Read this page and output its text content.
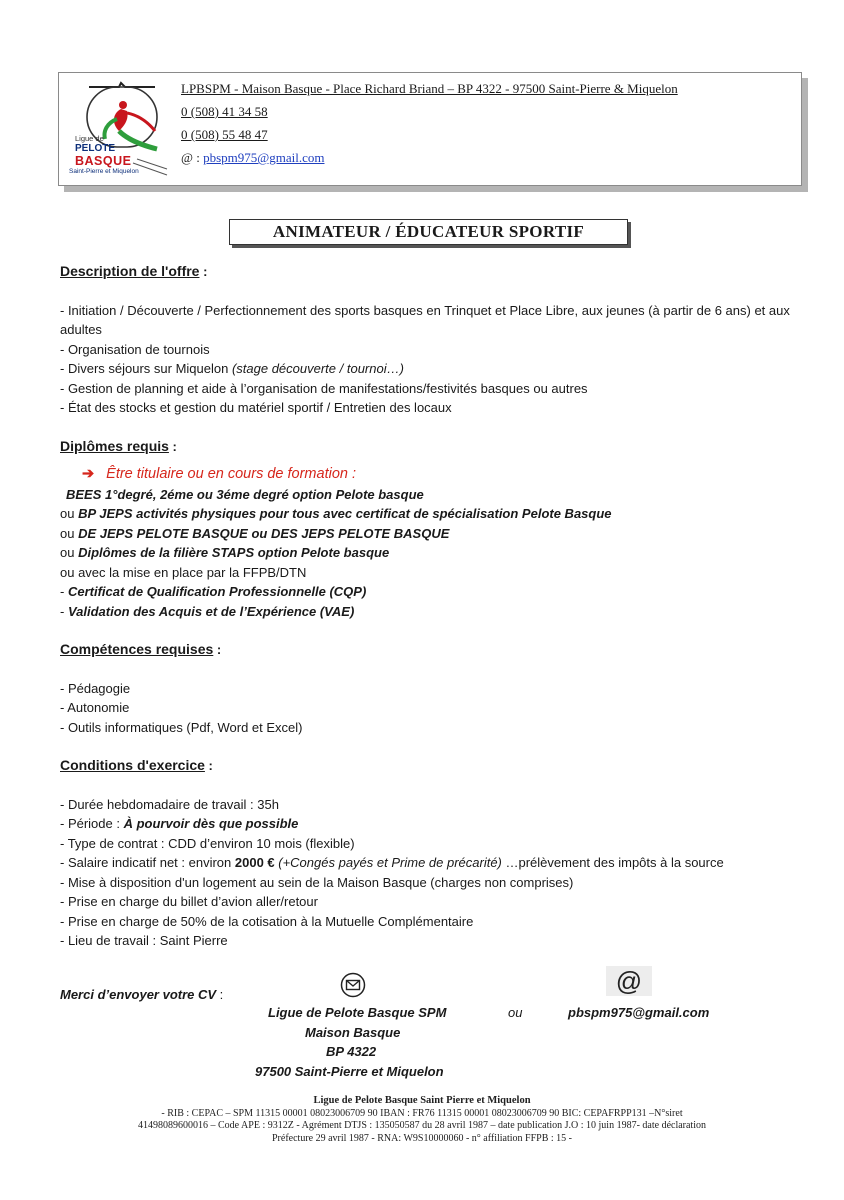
Ligue de
PELOTE
BASQUE
Saint-Pierre et Miquelon
LPBSPM - Maison Basque - Place Richard Briand – BP 4322 - 97500 Saint-Pierre & Miquelon
0 (508) 41 34 58
0 (508) 55 48 47
@ : pbspm975@gmail.com
ANIMATEUR / ÉDUCATEUR SPORTIF
Description de l'offre :
- Initiation / Découverte / Perfectionnement des sports basques en Trinquet et Place Libre, aux jeunes (à partir de 6 ans) et aux adultes
- Organisation de tournois
- Divers séjours sur Miquelon (stage découverte / tournoi…)
- Gestion de planning et aide à l’organisation de manifestations/festivités basques ou autres
- État des stocks et gestion du matériel sportif / Entretien des locaux
Diplômes requis :
➔ Être titulaire ou en cours de formation :
BEES 1°degré, 2éme ou 3éme degré option Pelote basque
ou BP JEPS activités physiques pour tous avec certificat de spécialisation Pelote Basque
ou DE JEPS PELOTE BASQUE ou DES JEPS PELOTE BASQUE
ou Diplômes de la filière STAPS option Pelote basque
ou avec la mise en place par la FFPB/DTN
- Certificat de Qualification Professionnelle (CQP)
- Validation des Acquis et de l’Expérience (VAE)
Compétences requises :
- Pédagogie
- Autonomie
- Outils informatiques (Pdf, Word et Excel)
Conditions d'exercice :
- Durée hebdomadaire de travail : 35h
- Période : À pourvoir dès que possible
- Type de contrat : CDD d’environ 10 mois (flexible)
- Salaire indicatif net : environ 2000 € (+Congés payés et Prime de précarité) …prélèvement des impôts à la source
- Mise à disposition d'un logement au sein de la Maison Basque (charges non comprises)
- Prise en charge du billet d’avion aller/retour
- Prise en charge de 50% de la cotisation à la Mutuelle Complémentaire
- Lieu de travail : Saint Pierre
Merci d’envoyer votre CV :	@
Ligue de Pelote Basque SPM
Maison Basque
BP 4322
97500 Saint-Pierre et Miquelon
ou	pbspm975@gmail.com
Ligue de Pelote Basque Saint Pierre et Miquelon
- RIB : CEPAC – SPM 11315 00001 08023006709 90 IBAN : FR76 11315 00001 08023006709 90 BIC: CEPAFRPP131 –N°siret
41498089600016 – Code APE : 9312Z - Agrément DTJS : 135050587 du 28 avril 1987 – date publication J.O : 10 juin 1987- date déclaration
Préfecture 29 avril 1987 - RNA: W9S10000060 - n° affiliation FFPB : 15 -
